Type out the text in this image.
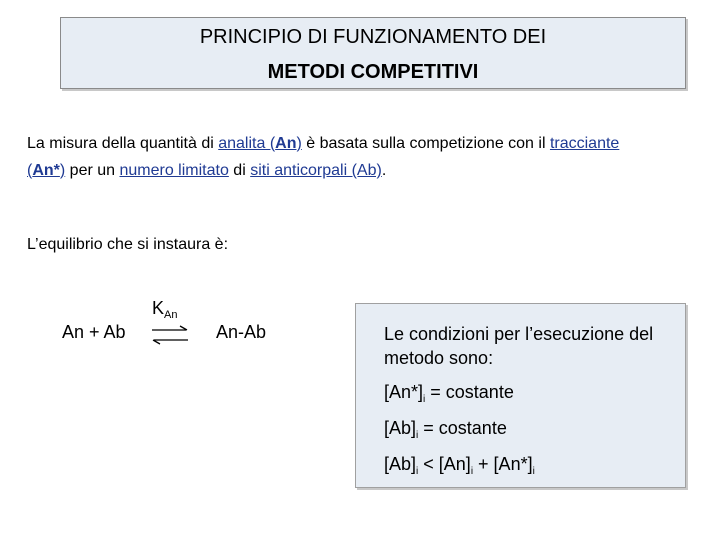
PRINCIPIO DI FUNZIONAMENTO DEI
METODI COMPETITIVI
La misura della quantità di analita (An) è basata sulla competizione con il tracciante
(An*) per un numero limitato di siti anticorpali (Ab).
L’equilibrio che si instaura è:
An + Ab
$K_{An}$
An-Ab	Le condizioni per l’esecuzione del metodo sono:
$[An*]_i$ = costante
$[Ab]_i$ = costante
$[Ab]_i < [An]_i + [An*]_i$
